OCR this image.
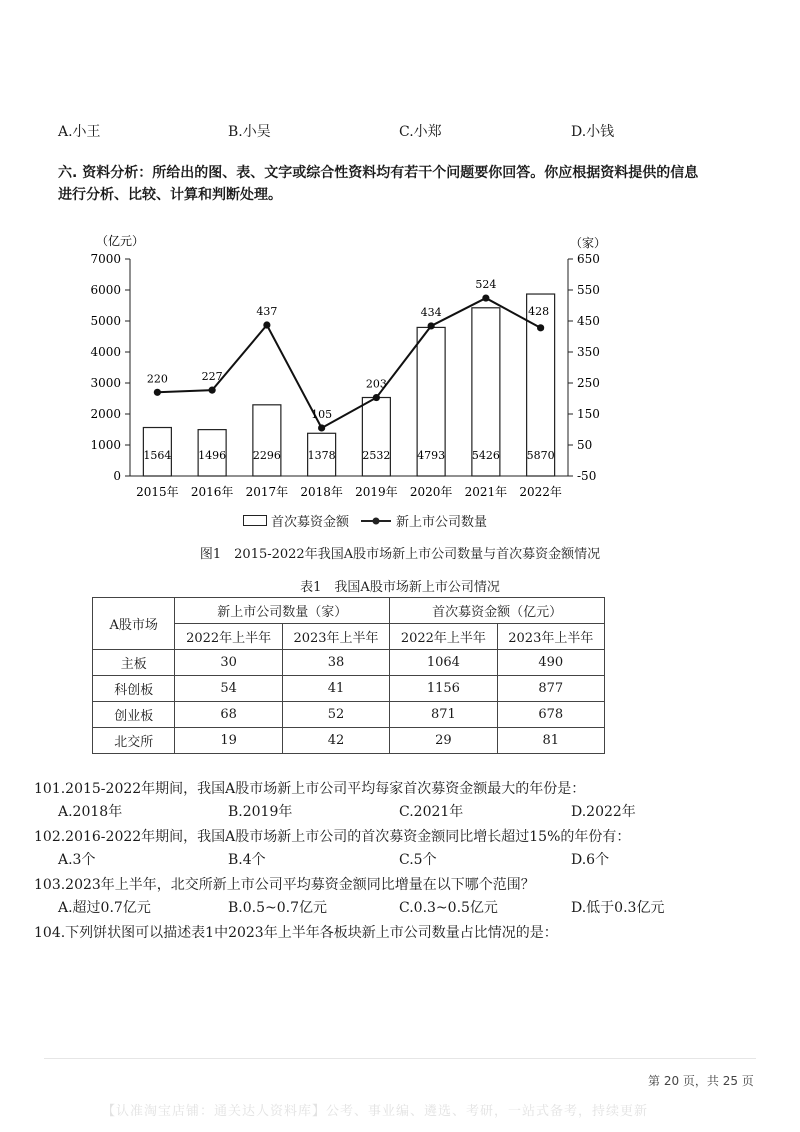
A.小王	B.小吴	C.小郑	D.小钱
六. 资料分析：所给出的图、表、文字或综合性资料均有若干个问题要你回答。你应根据资料提供的信息
进行分析、比较、计算和判断处理。
（亿元）	（家）
0
1000
2000
3000
4000
5000
6000
7000
-50
50
150
250
350
450
550
650
2015年 2016年 2017年 2018年 2019年 2020年 2021年 2022年
1564 1496 2296 1378 2532 4793 5426 5870
220	227
437
105
203
434
524
428
首次募资金额	新上市公司数量
图1　2015-2022年我国A股市场新上市公司数量与首次募资金额情况
表1　我国A股市场新上市公司情况
A股市场	新上市公司数量（家）		首次募资金额（亿元）	
	2022年上半年	2023年上半年	2022年上半年	2023年上半年
主板	30	38	1064	490
科创板	54	41	1156	877
创业板	68	52	871	678
北交所	19	42	29	81
101.2015-2022年期间，我国A股市场新上市公司平均每家首次募资金额最大的年份是：
A.2018年	B.2019年	C.2021年	D.2022年
102.2016-2022年期间，我国A股市场新上市公司的首次募资金额同比增长超过15%的年份有：
A.3个	B.4个	C.5个	D.6个
103.2023年上半年，北交所新上市公司平均募资金额同比增量在以下哪个范围？
A.超过0.7亿元	B.0.5~0.7亿元	C.0.3~0.5亿元	D.低于0.3亿元
104.下列饼状图可以描述表1中2023年上半年各板块新上市公司数量占比情况的是：
第 20 页，共 25 页
【认准淘宝店铺：通关达人资料库】公考、事业编、遴选、考研，一站式备考，持续更新
